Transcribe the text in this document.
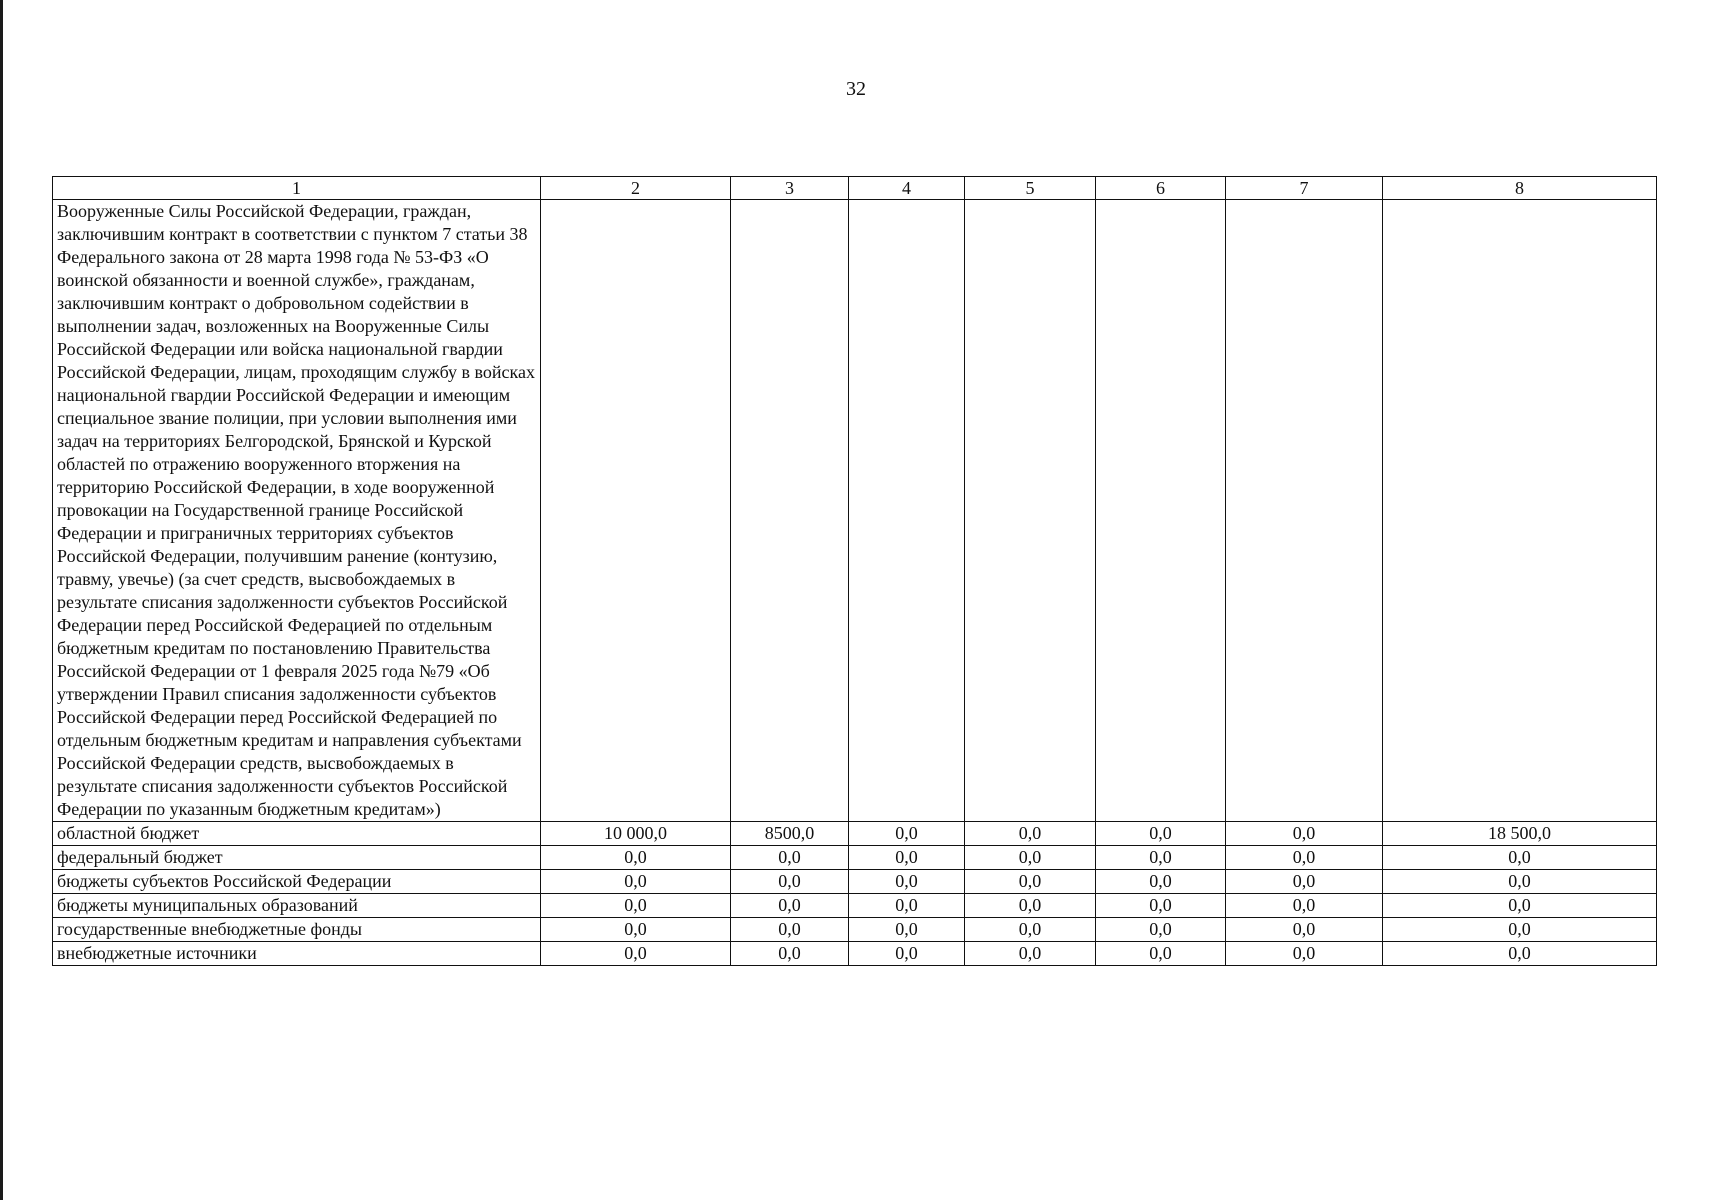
32
1	2	3	4	5	6	7	8
Вооруженные Силы Российской Федерации, граждан, заключившим контракт в соответствии с пунктом 7 статьи 38 Федерального закона от 28 марта 1998 года № 53-ФЗ «О воинской обязанности и военной службе», гражданам, заключившим контракт о добровольном содействии в выполнении задач, возложенных на Вооруженные Силы Российской Федерации или войска национальной гвардии Российской Федерации, лицам, проходящим службу в войсках национальной гвардии Российской Федерации и имеющим специальное звание полиции, при условии выполнения ими задач на территориях Белгородской, Брянской и Курской областей по отражению вооруженного вторжения на территорию Российской Федерации, в ходе вооруженной провокации на Государственной границе Российской Федерации и приграничных территориях субъектов Российской Федерации, получившим ранение (контузию, травму, увечье) (за счет средств, высвобождаемых в результате списания задолженности субъектов Российской Федерации перед Российской Федерацией по отдельным бюджетным кредитам по постановлению Правительства Российской Федерации от 1 февраля 2025 года №79 «Об утверждении Правил списания задолженности субъектов Российской Федерации перед Российской Федерацией по отдельным бюджетным кредитам и направления субъектами Российской Федерации средств, высвобождаемых в результате списания задолженности субъектов Российской Федерации по указанным бюджетным кредитам»)							
областной бюджет	10 000,0	8500,0	0,0	0,0	0,0	0,0	18 500,0
федеральный бюджет	0,0	0,0	0,0	0,0	0,0	0,0	0,0
бюджеты субъектов Российской Федерации	0,0	0,0	0,0	0,0	0,0	0,0	0,0
бюджеты муниципальных образований	0,0	0,0	0,0	0,0	0,0	0,0	0,0
государственные внебюджетные фонды	0,0	0,0	0,0	0,0	0,0	0,0	0,0
внебюджетные источники	0,0	0,0	0,0	0,0	0,0	0,0	0,0
